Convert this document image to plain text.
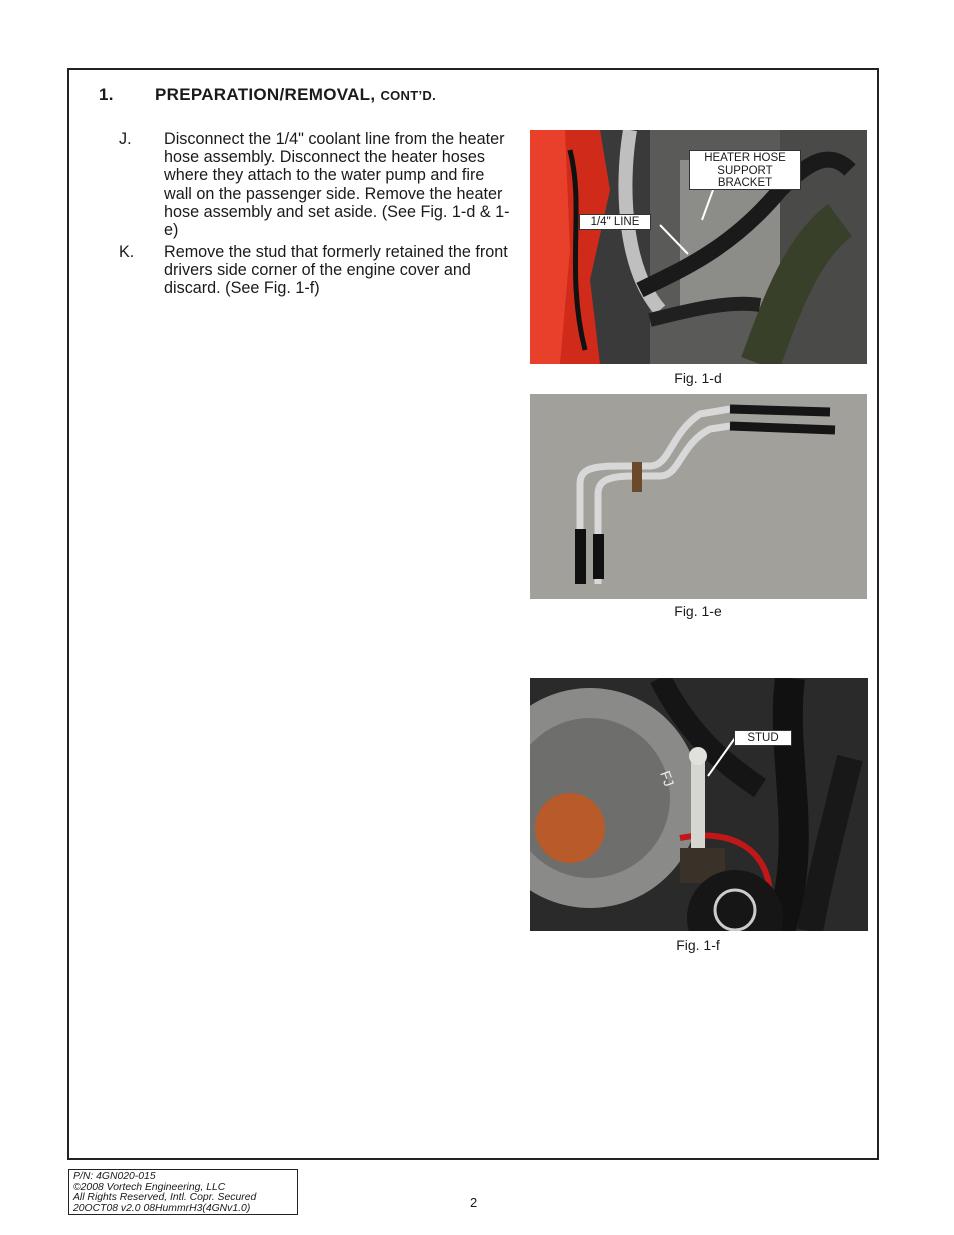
1. PREPARATION/REMOVAL, CONT’D.
J. Disconnect the 1/4" coolant line from the heater hose assembly. Disconnect the heater hoses where they attach to the water pump and fire wall on the passenger side. Remove the heater hose assembly and set aside. (See Fig. 1-d & 1-e)
K. Remove the stud that formerly retained the front drivers side corner of the engine cover and discard. (See Fig. 1-f)
HEATER HOSE SUPPORT BRACKET
1/4" LINE
Fig. 1-d
Fig. 1-e
FJ
STUD
Fig. 1-f
P/N: 4GN020-015
©2008 Vortech Engineering, LLC
All Rights Reserved, Intl. Copr. Secured
20OCT08 v2.0 08HummrH3(4GNv1.0)	2
